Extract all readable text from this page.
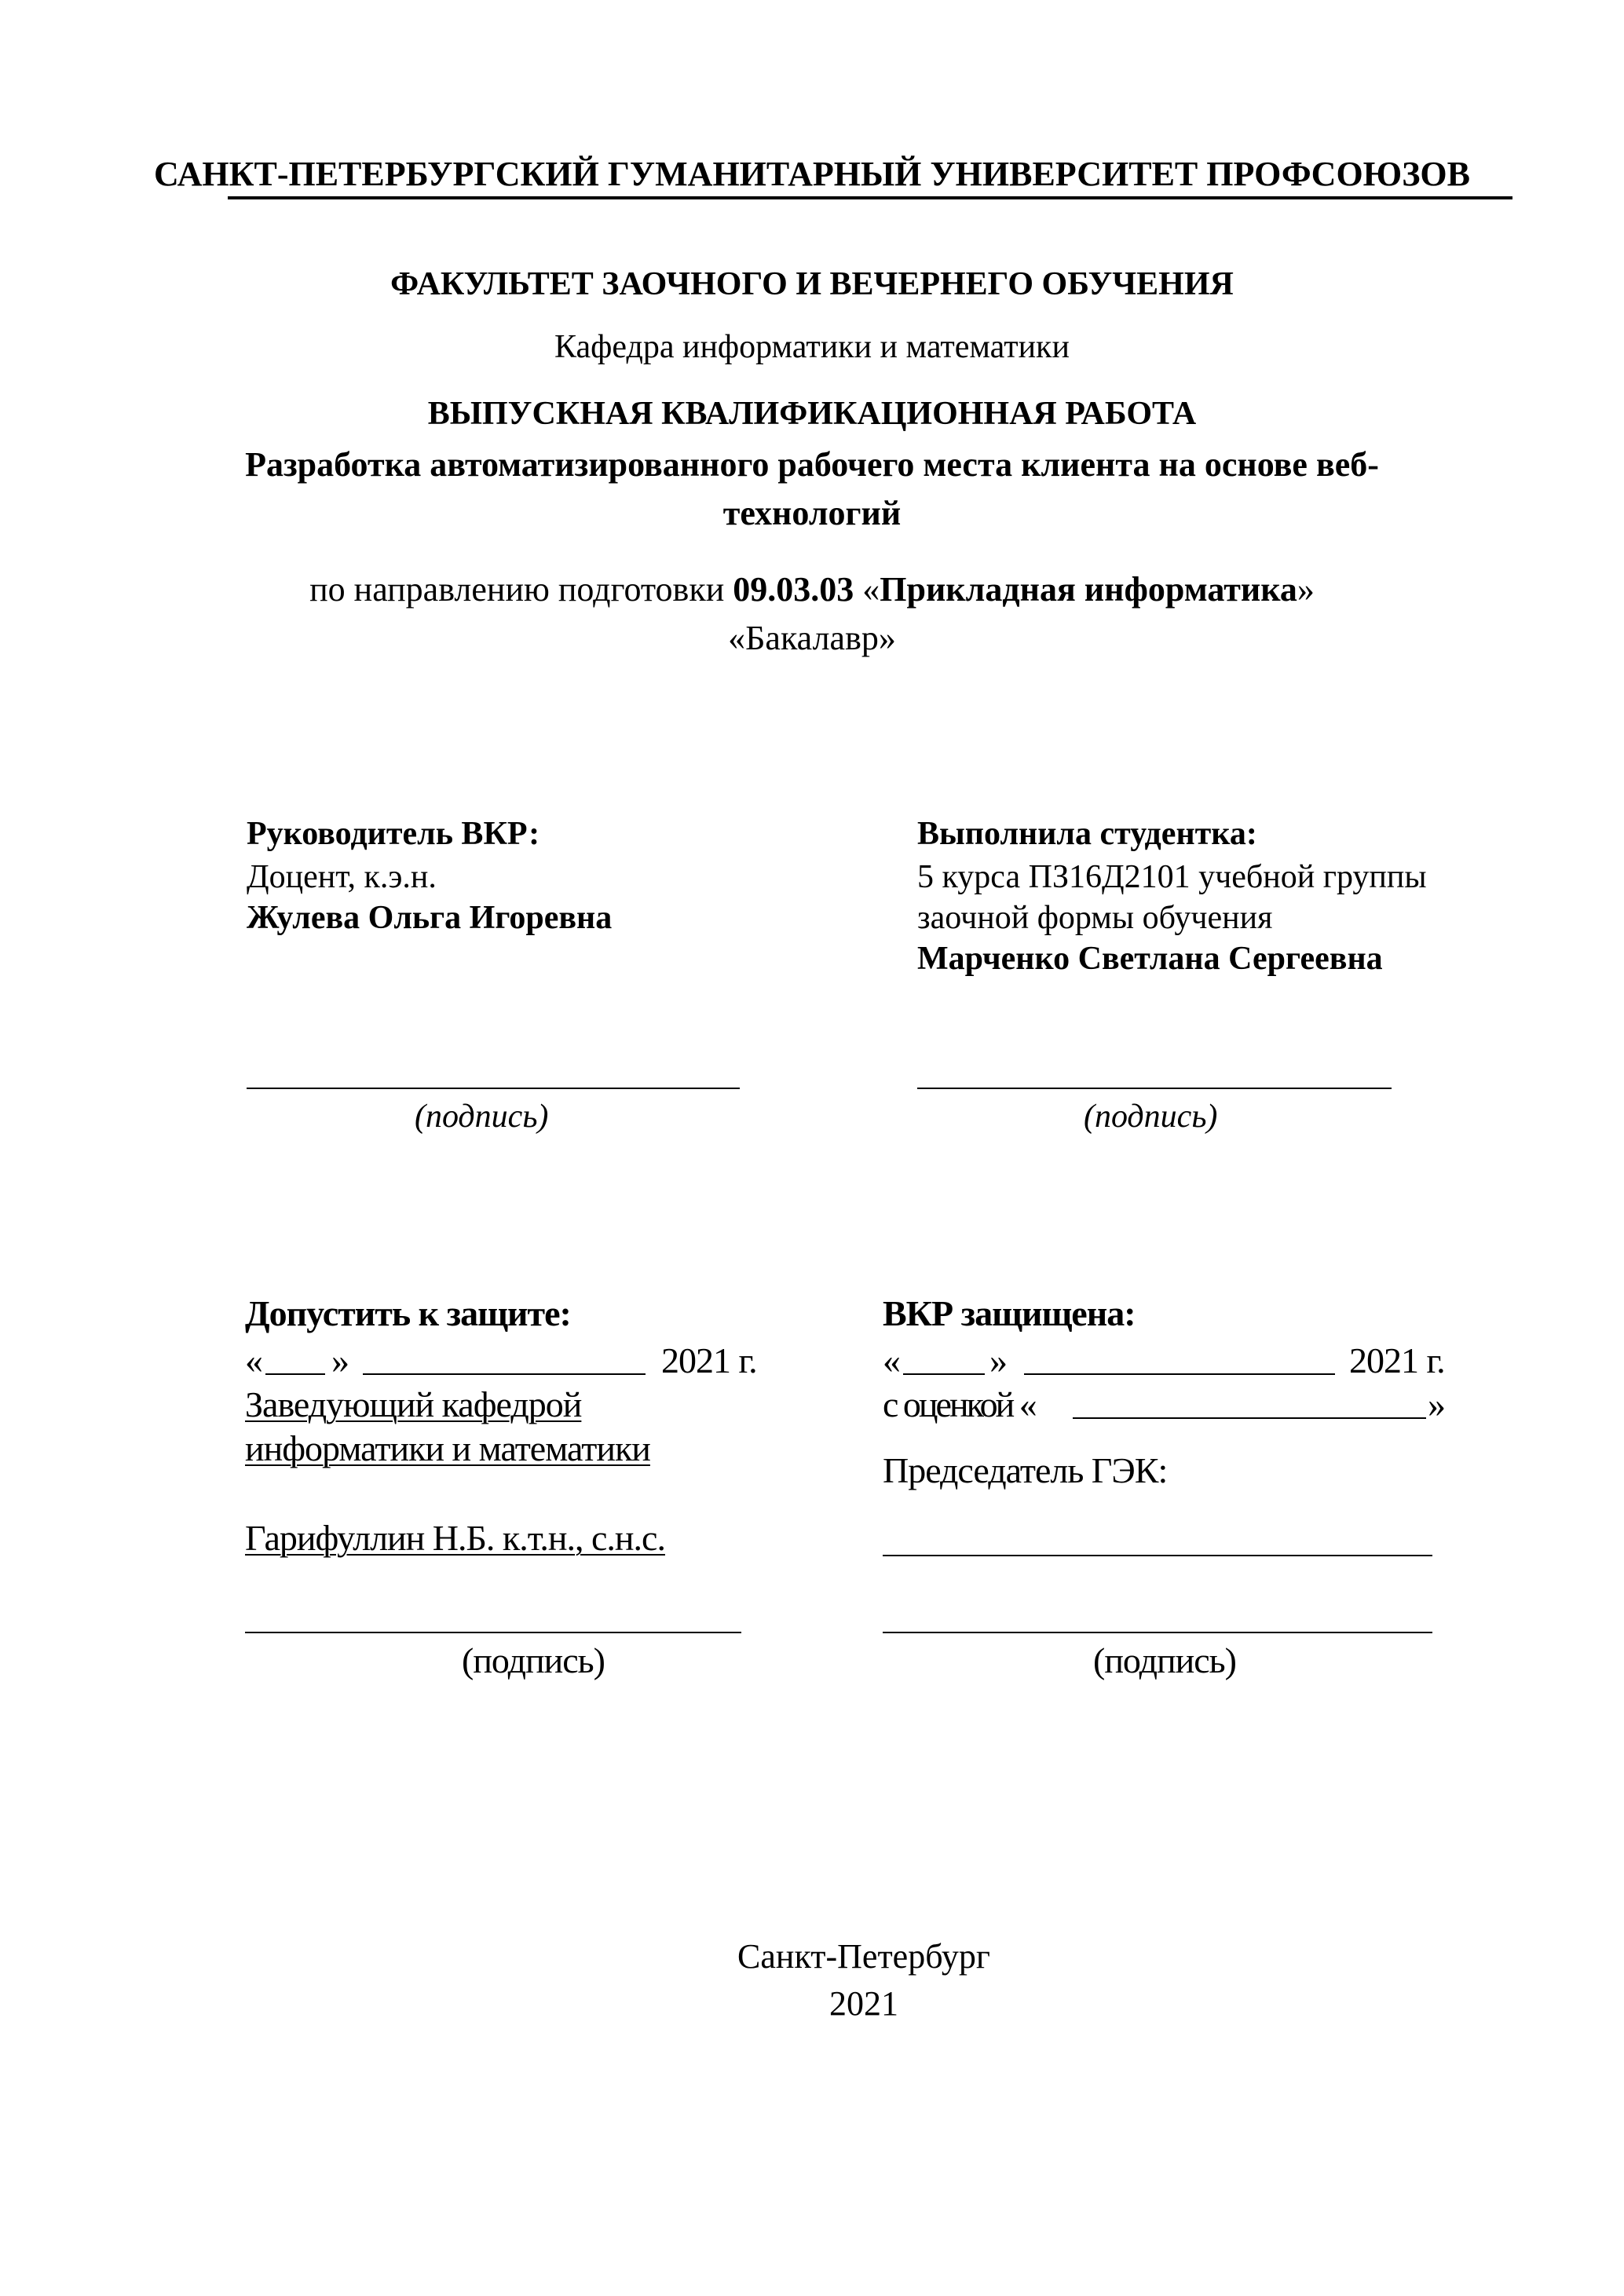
САНКТ-ПЕТЕРБУРГСКИЙ ГУМАНИТАРНЫЙ УНИВЕРСИТЕТ ПРОФСОЮЗОВ
ФАКУЛЬТЕТ ЗАОЧНОГО И ВЕЧЕРНЕГО ОБУЧЕНИЯ
Кафедра информатики и математики
ВЫПУСКНАЯ КВАЛИФИКАЦИОННАЯ РАБОТА
Разработка автоматизированного рабочего места клиента на основе веб-
технологий
по направлению подготовки 09.03.03 «Прикладная информатика»
«Бакалавр»
Руководитель ВКР:
Доцент, к.э.н.
Жулева Ольга Игоревна
(подпись)
Выполнила студентка:
5 курса ПЗ16Д2101 учебной группы
заочной формы обучения
Марченко Светлана Сергеевна
(подпись)
Допустить к защите:
« »	2021 г.
Заведующий кафедрой
информатики и математики
Гарифуллин Н.Б. к.т.н., с.н.с.
(подпись)
ВКР защищена:
« »	2021 г.
с оценкой «	»
Председатель ГЭК:
(подпись)
Санкт-Петербург
2021
